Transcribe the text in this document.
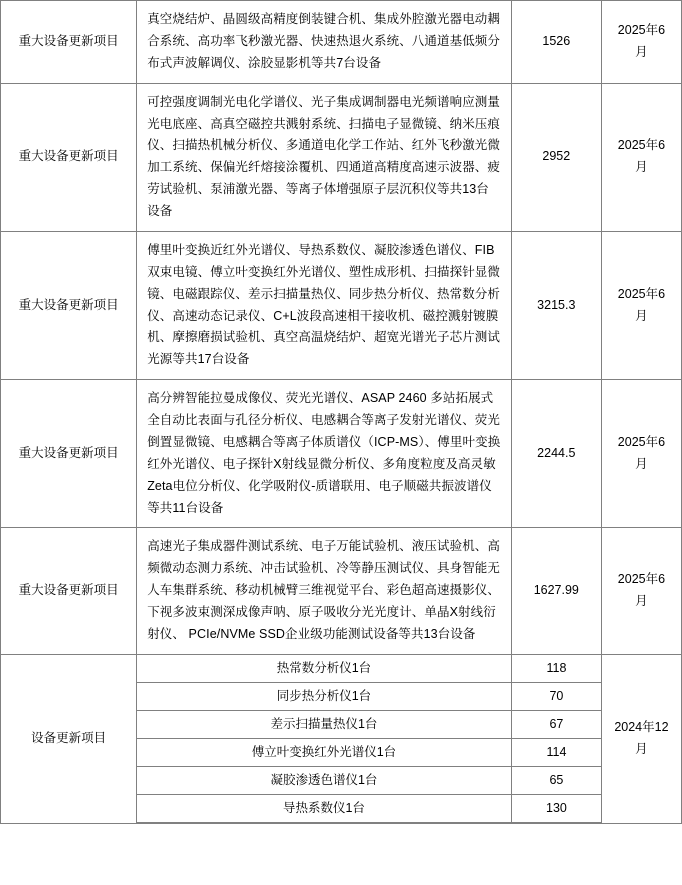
重大设备更新项目	真空烧结炉、晶圆级高精度倒装键合机、集成外腔激光器电动耦合系统、高功率飞秒激光器、快速热退火系统、八通道基低频分布式声波解调仪、涂胶显影机等共7台设备	1526	2025年6月
重大设备更新项目	可控强度调制光电化学谱仪、光子集成调制器电光频谱响应测量光电底座、高真空磁控共溅射系统、扫描电子显微镜、纳米压痕仪、扫描热机械分析仪、多通道电化学工作站、红外飞秒激光微加工系统、保偏光纤熔接涂覆机、四通道高精度高速示波器、疲劳试验机、泵浦激光器、等离子体增强原子层沉积仪等共13台设备	2952	2025年6月
重大设备更新项目	傅里叶变换近红外光谱仪、导热系数仪、凝胶渗透色谱仪、FIB双束电镜、傅立叶变换红外光谱仪、塑性成形机、扫描探针显微镜、电磁跟踪仪、差示扫描量热仪、同步热分析仪、热常数分析仪、高速动态记录仪、C+L波段高速相干接收机、磁控溅射镀膜机、摩擦磨损试验机、真空高温烧结炉、超宽光谱光子芯片测试光源等共17台设备	3215.3	2025年6月
重大设备更新项目	高分辨智能拉曼成像仪、荧光光谱仪、ASAP 2460 多站拓展式全自动比表面与孔径分析仪、电感耦合等离子发射光谱仪、荧光倒置显微镜、电感耦合等离子体质谱仪（ICP-MS）、傅里叶变换红外光谱仪、电子探针X射线显微分析仪、多角度粒度及高灵敏Zeta电位分析仪、化学吸附仪-质谱联用、电子顺磁共振波谱仪等共11台设备	2244.5	2025年6月
重大设备更新项目	高速光子集成器件测试系统、电子万能试验机、液压试验机、高频微动态测力系统、冲击试验机、冷等静压测试仪、具身智能无人车集群系统、移动机械臂三维视觉平台、彩色超高速摄影仪、下视多波束测深成像声呐、原子吸收分光光度计、单晶X射线衍射仪、 PCIe/NVMe SSD企业级功能测试设备等共13台设备	1627.99	2025年6月
设备更新项目	
热常数分析仪1台	118
同步热分析仪1台	70
差示扫描量热仪1台	67
傅立叶变换红外光谱仪1台	114
凝胶渗透色谱仪1台	65
导热系数仪1台	130
	2024年12月
